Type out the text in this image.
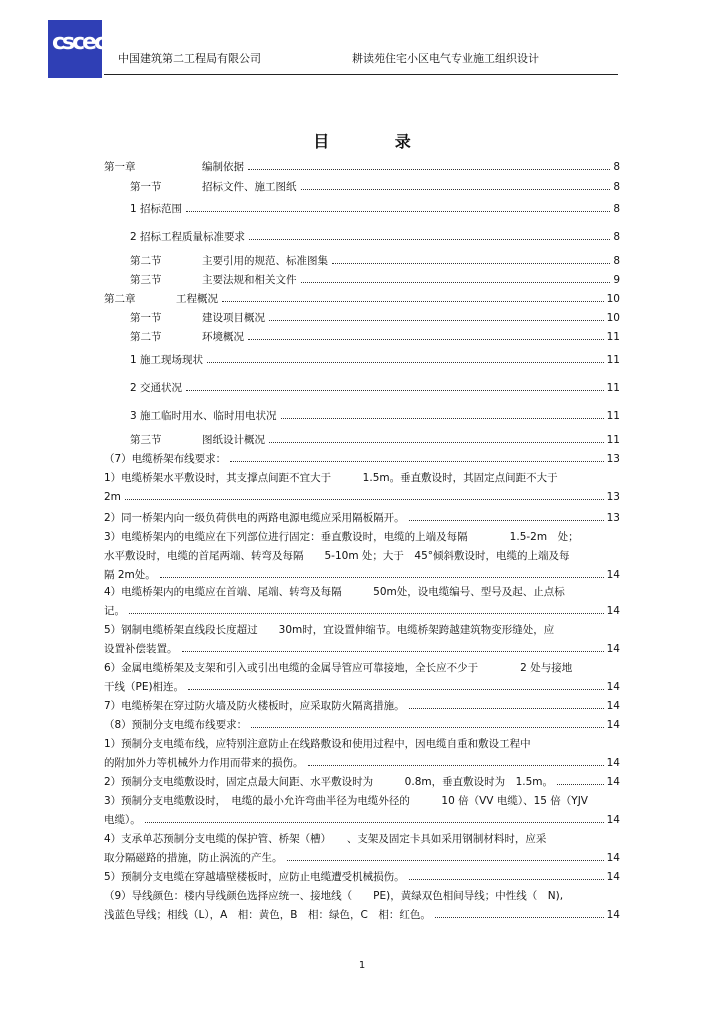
cscec
中国建筑第二工程局有限公司	耕读苑住宅小区电气专业施工组织设计
目 录
第一章	编制依据	8
第一节	招标文件、施工图纸	8
1 招标范围	8
2 招标工程质量标准要求	8
第二节	主要引用的规范、标准图集	8
第三节	主要法规和相关文件	9
第二章	工程概况	10
第一节	建设项目概况	10
第二节	环境概况	11
1 施工现场现状	11
2 交通状况	11
3 施工临时用水、临时用电状况	11
第三节	图纸设计概况	11
（7）电缆桥架布线要求：	13
1）电缆桥架水平敷设时，其支撑点间距不宜大于　　　1.5m。垂直敷设时，其固定点间距不大于
2m	13
2）同一桥架内向一级负荷供电的两路电源电缆应采用隔板隔开。	13
3）电缆桥架内的电缆应在下列部位进行固定：垂直敷设时，电缆的上端及每隔　　　　1.5-2m　处；
水平敷设时，电缆的首尾两端、转弯及每隔　　5-10m 处；大于　45°倾斜敷设时，电缆的上端及每
隔 2m处。	14
4）电缆桥架内的电缆应在首端、尾端、转弯及每隔　　　50m处，设电缆编号、型号及起、止点标
记。	14
5）钢制电缆桥架直线段长度超过　　30m时，宜设置伸缩节。电缆桥架跨越建筑物变形缝处，应
设置补偿装置。	14
6）金属电缆桥架及支架和引入或引出电缆的金属导管应可靠接地，全长应不少于　　　　2 处与接地
干线（PE)相连。	14
7）电缆桥架在穿过防火墙及防火楼板时，应采取防火隔离措施。	14
（8）预制分支电缆布线要求：	14
1）预制分支电缆布线，应特别注意防止在线路敷设和使用过程中，因电缆自重和敷设工程中
的附加外力等机械外力作用而带来的损伤。	14
2）预制分支电缆敷设时，固定点最大间距、水平敷设时为　　　0.8m，垂直敷设时为　1.5m。	14
3）预制分支电缆敷设时，　电缆的最小允许弯曲半径为电缆外径的　　　10 倍（VV 电缆）、15 倍（YJV
电缆）。	14
4）支承单芯预制分支电缆的保护管、桥架（槽）　　、支架及固定卡具如采用钢制材料时，应采
取分隔磁路的措施，防止涡流的产生。	14
5）预制分支电缆在穿越墙壁楼板时，应防止电缆遭受机械损伤。	14
（9）导线颜色：楼内导线颜色选择应统一、接地线（　　PE)，黄绿双色相间导线；中性线（　N),
浅蓝色导线；相线（L），A　相：黄色，B　相：绿色，C　相：红色。	14
1
